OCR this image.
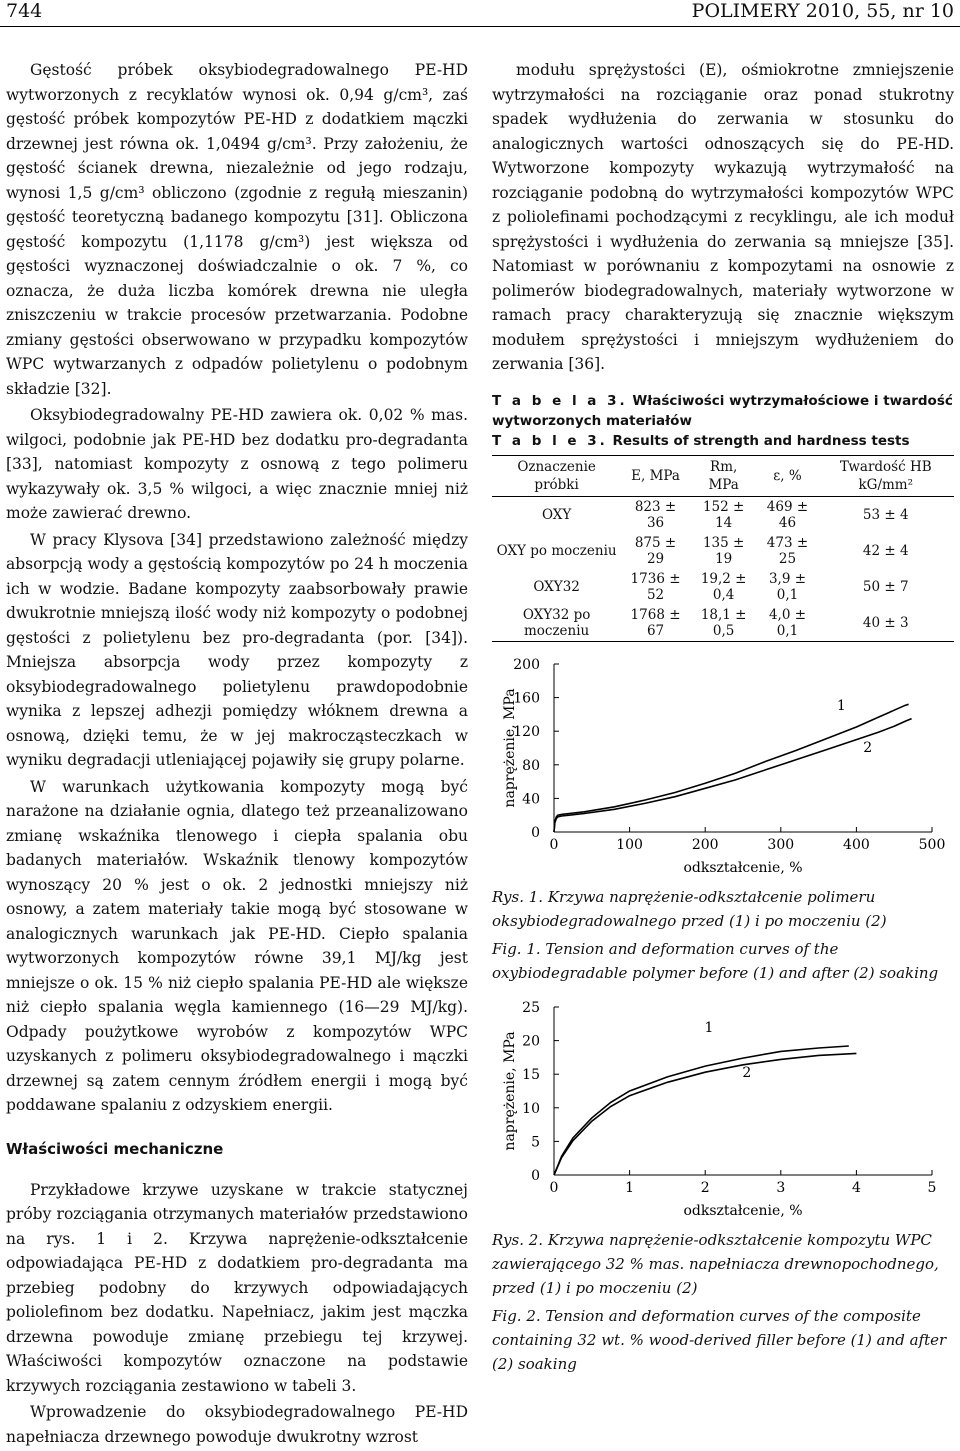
744	POLIMERY 2010, 55, nr 10

Gęstość próbek oksybiodegradowalnego PE-HD wytworzonych z recyklatów wynosi ok. 0,94 g/cm³, zaś gęstość próbek kompozytów PE-HD z dodatkiem mączki drzewnej jest równa ok. 1,0494 g/cm³. Przy założeniu, że gęstość ścianek drewna, niezależnie od jego rodzaju, wynosi 1,5 g/cm³ obliczono (zgodnie z regułą mieszanin) gęstość teoretyczną badanego kompozytu [31]. Obliczona gęstość kompozytu (1,1178 g/cm³) jest większa od gęstości wyznaczonej doświadczalnie o ok. 7 %, co oznacza, że duża liczba komórek drewna nie uległa zniszczeniu w trakcie procesów przetwarzania. Podobne zmiany gęstości obserwowano w przypadku kompozytów WPC wytwarzanych z odpadów polietylenu o podobnym składzie [32].

Oksybiodegradowalny PE-HD zawiera ok. 0,02 % mas. wilgoci, podobnie jak PE-HD bez dodatku pro-degradanta [33], natomiast kompozyty z osnową z tego polimeru wykazywały ok. 3,5 % wilgoci, a więc znacznie mniej niż może zawierać drewno.

W pracy Klysova [34] przedstawiono zależność między absorpcją wody a gęstością kompozytów po 24 h moczenia ich w wodzie. Badane kompozyty zaabsorbowały prawie dwukrotnie mniejszą ilość wody niż kompozyty o podobnej gęstości z polietylenu bez pro-degradanta (por. [34]). Mniejsza absorpcja wody przez kompozyty z oksybiodegradowalnego polietylenu prawdopodobnie wynika z lepszej adhezji pomiędzy włóknem drewna a osnową, dzięki temu, że w jej makrocząsteczkach w wyniku degradacji utleniającej pojawiły się grupy polarne.

W warunkach użytkowania kompozyty mogą być narażone na działanie ognia, dlatego też przeanalizowano zmianę wskaźnika tlenowego i ciepła spalania obu badanych materiałów. Wskaźnik tlenowy kompozytów wynoszący 20 % jest o ok. 2 jednostki mniejszy niż osnowy, a zatem materiały takie mogą być stosowane w analogicznych warunkach jak PE-HD. Ciepło spalania wytworzonych kompozytów równe 39,1 MJ/kg jest mniejsze o ok. 15 % niż ciepło spalania PE-HD ale większe niż ciepło spalania węgla kamiennego (16—29 MJ/kg). Odpady poużytkowe wyrobów z kompozytów WPC uzyskanych z polimeru oksybiodegradowalnego i mączki drzewnej są zatem cennym źródłem energii i mogą być poddawane spalaniu z odzyskiem energii.

Właściwości mechaniczne

Przykładowe krzywe uzyskane w trakcie statycznej próby rozciągania otrzymanych materiałów przedstawiono na rys. 1 i 2. Krzywa naprężenie-odkształcenie odpowiadająca PE-HD z dodatkiem pro-degradanta ma przebieg podobny do krzywych odpowiadających poliolefinom bez dodatku. Napełniacz, jakim jest mączka drzewna powoduje zmianę przebiegu tej krzywej. Właściwości kompozytów oznaczone na podstawie krzywych rozciągania zestawiono w tabeli 3.

Wprowadzenie do oksybiodegradowalnego PE-HD napełniacza drzewnego powoduje dwukrotny wzrost

modułu sprężystości (E), ośmiokrotne zmniejszenie wytrzymałości na rozciąganie oraz ponad stukrotny spadek wydłużenia do zerwania w stosunku do analogicznych wartości odnoszących się do PE-HD. Wytworzone kompozyty wykazują wytrzymałość na rozciąganie podobną do wytrzymałości kompozytów WPC z poliolefinami pochodzącymi z recyklingu, ale ich moduł sprężystości i wydłużenia do zerwania są mniejsze [35]. Natomiast w porównaniu z kompozytami na osnowie z polimerów biodegradowalnych, materiały wytworzone w ramach pracy charakteryzują się znacznie większym modułem sprężystości i mniejszym wydłużeniem do zerwania [36].

T a b e l a 3. Właściwości wytrzymałościowe i twardość wytworzonych materiałów
T a b l e 3. Results of strength and hardness tests
Oznaczenie próbki	E, MPa	Rm, MPa	ε, %	Twardość HB kG/mm²
OXY	823 ± 36	152 ± 14	469 ± 46	53 ± 4
OXY po moczeniu	875 ± 29	135 ± 19	473 ± 25	42 ± 4
OXY32	1736 ± 52	19,2 ± 0,4	3,9 ± 0,1	50 ± 7
OXY32 po moczeniu	1768 ± 67	18,1 ± 0,5	4,0 ± 0,1	40 ± 3
0	100	200	300	400	500
0
40
80
120
160
200
odkształcenie, %
naprężenie, MPa	1
2

Rys. 1. Krzywa naprężenie-odkształcenie polimeru oksybiodegradowalnego przed (1) i po moczeniu (2)

Fig. 1. Tension and deformation curves of the oxybiodegradable polymer before (1) and after (2) soaking

0	1	2	3	4	5
0
5
10
15
20
25
odkształcenie, %
naprężenie, MPa
1
2

Rys. 2. Krzywa naprężenie-odkształcenie kompozytu WPC zawierającego 32 % mas. napełniacza drewnopochodnego, przed (1) i po moczeniu (2)

Fig. 2. Tension and deformation curves of the composite containing 32 wt. % wood-derived filler before (1) and after (2) soaking
